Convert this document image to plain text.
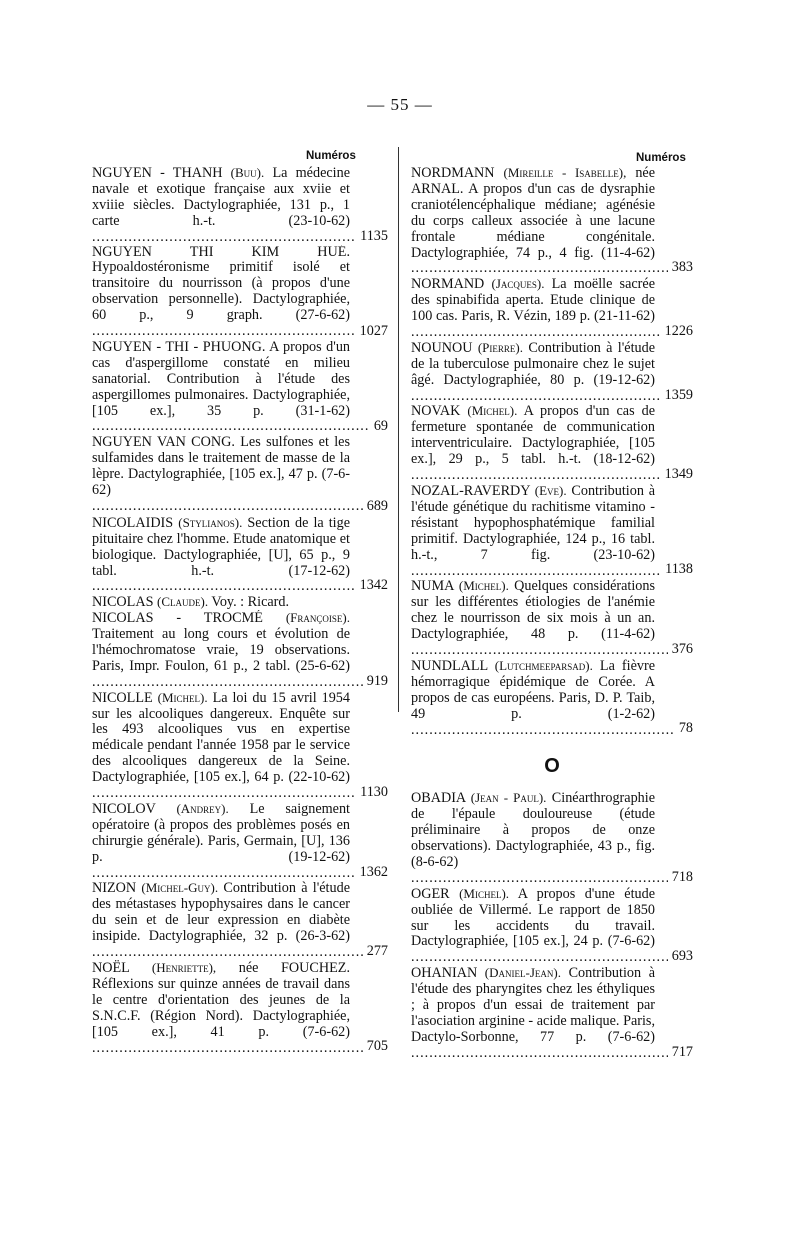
— 55 —
Numéros	Numéros
NGUYEN - THANH (Buu). La médecine navale et exotique française aux xviie et xviiie siècles. Dactylographiée, 131 p., 1 carte h.-t. (23-10-62) .....
1135
NGUYEN THI KIM HUÉ. Hypoaldostéronisme primitif isolé et transitoire du nourrisson (à propos d'une observation personnelle). Dactylographiée, 60 p., 9 graph. (27-6-62) .....
1027
NGUYEN - THI - PHUONG. A propos d'un cas d'aspergillome constaté en milieu sanatorial. Contribution à l'étude des aspergillomes pulmonaires. Dactylographiée, [105 ex.], 35 p. (31-1-62) .....
69
NGUYEN VAN CONG. Les sulfones et les sulfamides dans le traitement de masse de la lèpre. Dactylographiée, [105 ex.], 47 p. (7-6-62) .....
689
NICOLAIDIS (Stylianos). Section de la tige pituitaire chez l'homme. Etude anatomique et biologique. Dactylographiée, [U], 65 p., 9 tabl. h.-t. (17-12-62) .....
1342
NICOLAS (Claude). Voy. : Ricard.
NICOLAS - TROCMÉ (Françoise). Traitement au long cours et évolution de l'hémochromatose vraie, 19 observations. Paris, Impr. Foulon, 61 p., 2 tabl. (25-6-62) .....
919
NICOLLE (Michel). La loi du 15 avril 1954 sur les alcooliques dangereux. Enquête sur les 493 alcooliques vus en expertise médicale pendant l'année 1958 par le service des alcooliques dangereux de la Seine. Dactylographiée, [105 ex.], 64 p. (22-10-62) .....
1130
NICOLOV (Andrey). Le saignement opératoire (à propos des problèmes posés en chirurgie générale). Paris, Germain, [U], 136 p. (19-12-62) .....
1362
NIZON (Michel-Guy). Contribution à l'étude des métastases hypophysaires dans le cancer du sein et de leur expression en diabète insipide. Dactylographiée, 32 p. (26-3-62) .....
277
NOËL (Henriette), née FOUCHEZ. Réflexions sur quinze années de travail dans le centre d'orientation des jeunes de la S.N.C.F. (Région Nord). Dactylographiée, [105 ex.], 41 p. (7-6-62) .....
705
NORDMANN (Mireille - Isabelle), née ARNAL. A propos d'un cas de dysraphie craniotélencéphalique médiane; agénésie du corps calleux associée à une lacune frontale médiane congénitale. Dactylographiée, 74 p., 4 fig. (11-4-62) .....
383
NORMAND (Jacques). La moëlle sacrée des spinabifida aperta. Etude clinique de 100 cas. Paris, R. Vézin, 189 p. (21-11-62) .....
1226
NOUNOU (Pierre). Contribution à l'étude de la tuberculose pulmonaire chez le sujet âgé. Dactylographiée, 80 p. (19-12-62) .....
1359
NOVAK (Michel). A propos d'un cas de fermeture spontanée de communication interventriculaire. Dactylographiée, [105 ex.], 29 p., 5 tabl. h.-t. (18-12-62) .....
1349
NOZAL-RAVERDY (Eve). Contribution à l'étude génétique du rachitisme vitamino - résistant hypophosphatémique familial primitif. Dactylographiée, 124 p., 16 tabl. h.-t., 7 fig. (23-10-62) .....
1138
NUMA (Michel). Quelques considérations sur les différentes étiologies de l'anémie chez le nourrisson de six mois à un an. Dactylographiée, 48 p. (11-4-62) .....
376
NUNDLALL (Lutchmeeparsad). La fièvre hémorragique épidémique de Corée. A propos de cas européens. Paris, D. P. Taib, 49 p. (1-2-62) .....
78
O
OBADIA (Jean - Paul). Cinéarthrographie de l'épaule douloureuse (étude préliminaire à propos de onze observations). Dactylographiée, 43 p., fig. (8-6-62) .....
718
OGER (Michel). A propos d'une étude oubliée de Villermé. Le rapport de 1850 sur les accidents du travail. Dactylographiée, [105 ex.], 24 p. (7-6-62) .....
693
OHANIAN (Daniel-Jean). Contribution à l'étude des pharyngites chez les éthyliques ; à propos d'un essai de traitement par l'asociation arginine - acide malique. Paris, Dactylo-Sorbonne, 77 p. (7-6-62) .....
717
